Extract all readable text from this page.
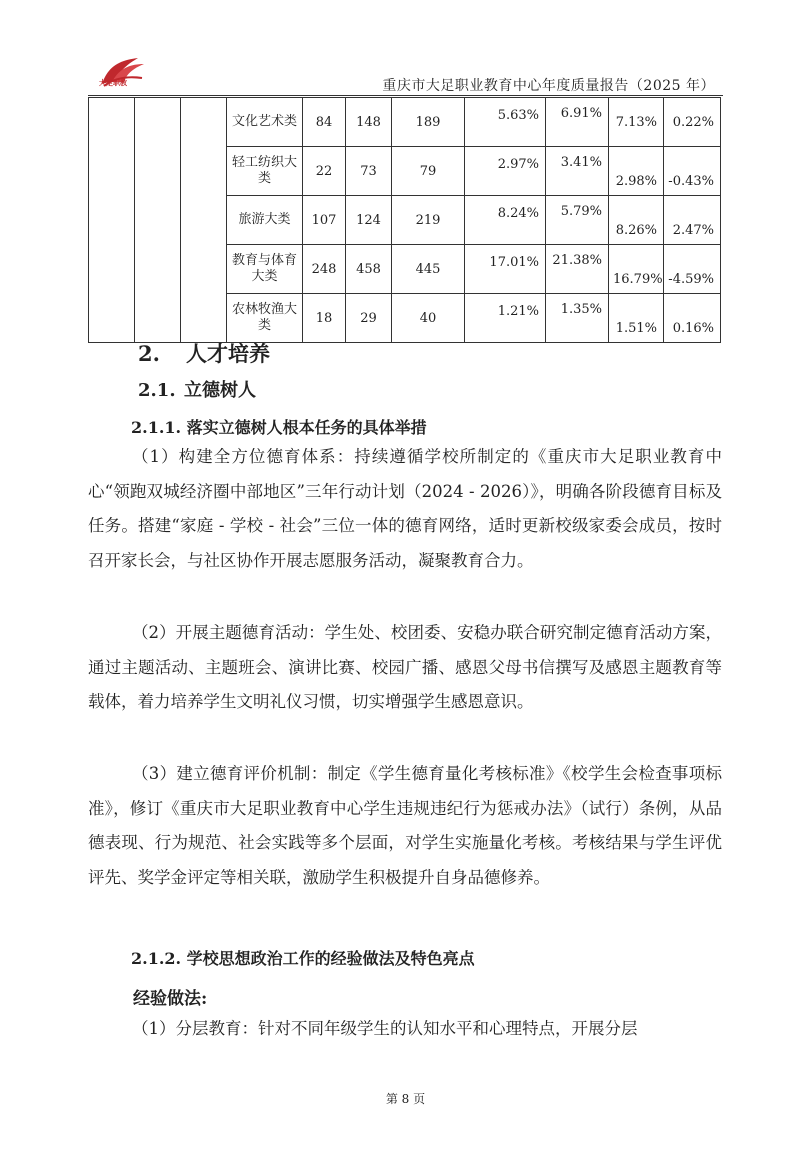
大足职教	重庆市大足职业教育中心年度质量报告（2025 年）
			文化艺术类	84	148	189	5.63%	6.91%	7.13%	0.22%
			轻工纺织大类	22	73	79	2.97%	3.41%	2.98%	-0.43%
			旅游大类	107	124	219	8.24%	5.79%	8.26%	2.47%
			教育与体育大类	248	458	445	17.01%	21.38%	16.79%	-4.59%
			农林牧渔大类	18	29	40	1.21%	1.35%	1.51%	0.16%
2. 人才培养
2.1. 立德树人
2.1.1. 落实立德树人根本任务的具体举措
（1）构建全方位德育体系：持续遵循学校所制定的《重庆市大足职业教育中心“领跑双城经济圈中部地区”三年行动计划（2024 - 2026）》，明确各阶段德育目标及任务。搭建“家庭 - 学校 - 社会”三位一体的德育网络，适时更新校级家委会成员，按时召开家长会，与社区协作开展志愿服务活动，凝聚教育合力。
（2）开展主题德育活动：学生处、校团委、安稳办联合研究制定德育活动方案，通过主题活动、主题班会、演讲比赛、校园广播、感恩父母书信撰写及感恩主题教育等载体，着力培养学生文明礼仪习惯，切实增强学生感恩意识。
（3）建立德育评价机制：制定《学生德育量化考核标准》《校学生会检查事项标准》，修订《重庆市大足职业教育中心学生违规违纪行为惩戒办法》（试行）条例，从品德表现、行为规范、社会实践等多个层面，对学生实施量化考核。考核结果与学生评优评先、奖学金评定等相关联，激励学生积极提升自身品德修养。
2.1.2. 学校思想政治工作的经验做法及特色亮点
经验做法:
（1）分层教育：针对不同年级学生的认知水平和心理特点，开展分层
第 8 页
